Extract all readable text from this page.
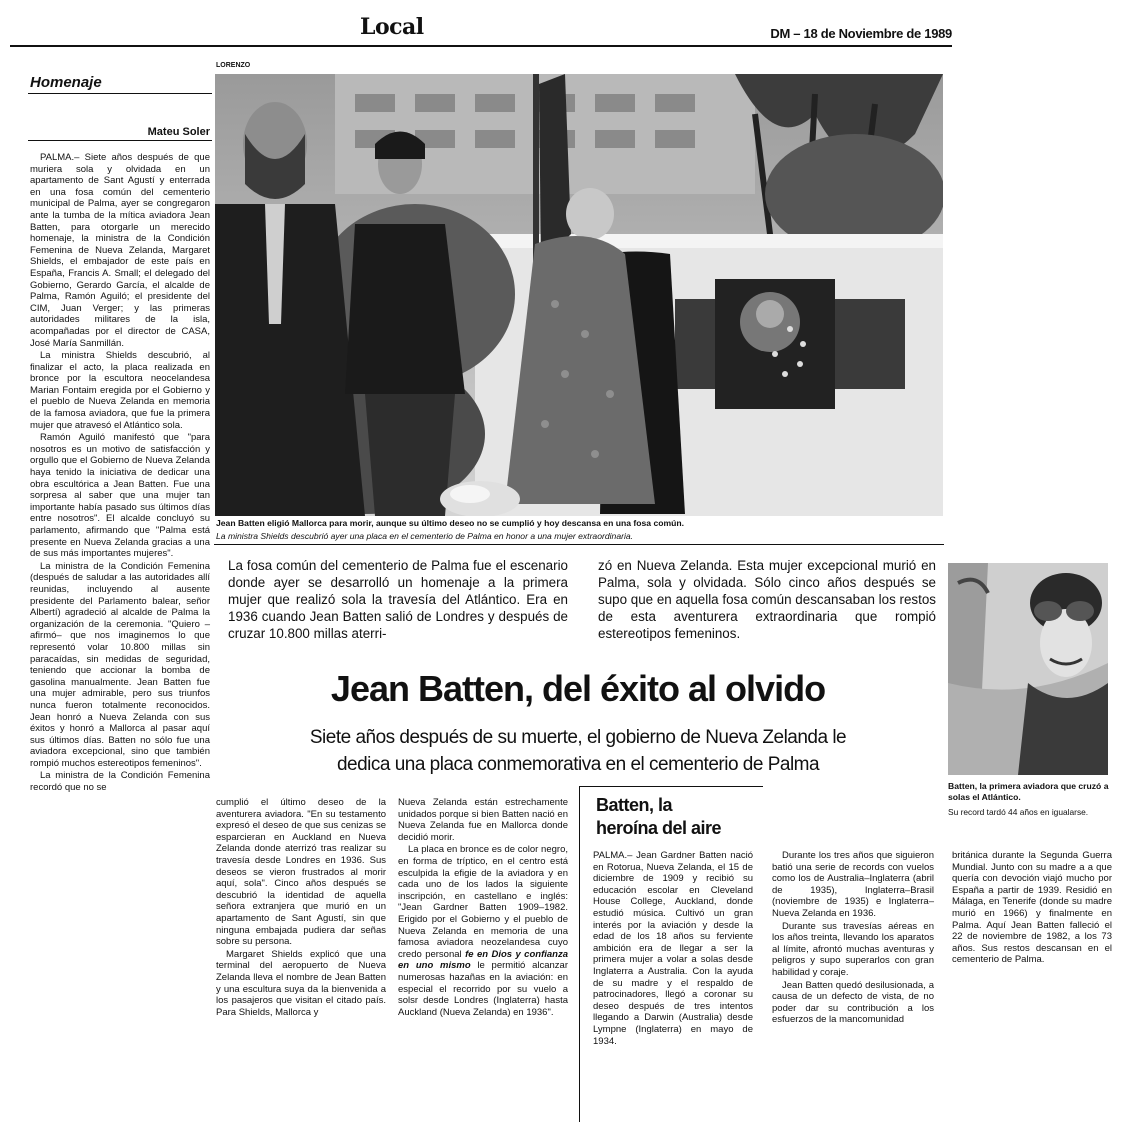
Local	DM – 18 de Noviembre de 1989
Homenaje
Mateu Soler

PALMA.– Siete años después de que muriera sola y olvidada en un apartamento de Sant Agustí y enterrada en una fosa común del cementerio municipal de Palma, ayer se congregaron ante la tumba de la mítica aviadora Jean Batten, para otorgarle un merecido homenaje, la ministra de la Condición Femenina de Nueva Zelanda, Margaret Shields, el embajador de este país en España, Francis A. Small; el delegado del Gobierno, Gerardo García, el alcalde de Palma, Ramón Aguiló; el presidente del CIM, Juan Verger; y las primeras autoridades militares de la isla, acompañadas por el director de CASA, José María Sanmillán.

La ministra Shields descubrió, al finalizar el acto, la placa realizada en bronce por la escultora neocelandesa Marian Fontaim eregida por el Gobierno y el pueblo de Nueva Zelanda en memoria de la famosa aviadora, que fue la primera mujer que atravesó el Atlántico sola.

Ramón Aguiló manifestó que "para nosotros es un motivo de satisfacción y orgullo que el Gobierno de Nueva Zelanda haya tenido la iniciativa de dedicar una obra escultórica a Jean Batten. Fue una sorpresa al saber que una mujer tan importante había pasado sus últimos días entre nosotros". El alcalde concluyó su parlamento, afirmando que "Palma está presente en Nueva Zelanda gracias a una de sus más importantes mujeres".

La ministra de la Condición Femenina (después de saludar a las autoridades allí reunidas, incluyendo al ausente presidente del Parlamento balear, señor Albertí) agradeció al alcalde de Palma la organización de la ceremonia. "Quiero –afirmó– que nos imaginemos lo que representó volar 10.800 millas sin paracaídas, sin medidas de seguridad, teniendo que accionar la bomba de gasolina manualmente. Jean Batten fue una mujer admirable, pero sus triunfos nunca fueron totalmente reconocidos. Jean honró a Nueva Zelanda con sus éxitos y honró a Mallorca al pasar aquí sus últimos días. Batten no sólo fue una aviadora excepcional, sino que también rompió muchos estereotipos femeninos".

La ministra de la Condición Femenina recordó que no se

LORENZO
Jean Batten eligió Mallorca para morir, aunque su último deseo no se cumplió y hoy descansa en una fosa común.
La ministra Shields descubrió ayer una placa en el cementerio de Palma en honor a una mujer extraordinaria.
La fosa común del cementerio de Palma fue el escenario donde ayer se desarrolló un homenaje a la primera mujer que realizó sola la travesía del Atlántico. Era en 1936 cuando Jean Batten salió de Londres y después de cruzar 10.800 millas aterri-
zó en Nueva Zelanda. Esta mujer excepcional murió en Palma, sola y olvidada. Sólo cinco años después se supo que en aquella fosa común descansaban los restos de esta aventurera extraordinaria que rompió estereotipos femeninos.
Jean Batten, del éxito al olvido
Siete años después de su muerte, el gobierno de Nueva Zelanda le
dedica una placa conmemorativa en el cementerio de Palma
Batten, la primera aviadora que cruzó a solas el Atlántico.
Su record tardó 44 años en igualarse.

cumplió el último deseo de la aventurera aviadora. "En su testamento expresó el deseo de que sus cenizas se esparcieran en Auckland en Nueva Zelanda donde aterrizó tras realizar su travesía desde Londres en 1936. Sus deseos se vieron frustrados al morir aquí, sola". Cinco años después se descubrió la identidad de aquella señora extranjera que murió en un apartamento de Sant Agustí, sin que ninguna embajada pudiera dar señas sobre su persona.

Margaret Shields explicó que una terminal del aeropuerto de Nueva Zelanda lleva el nombre de Jean Batten y una escultura suya da la bienvenida a los pasajeros que visitan el citado país. Para Shields, Mallorca y

Nueva Zelanda están estrechamente unidados porque si bien Batten nació en Nueva Zelanda fue en Mallorca donde decidió morir.

La placa en bronce es de color negro, en forma de tríptico, en el centro está esculpida la efigie de la aviadora y en cada uno de los lados la siguiente inscripción, en castellano e inglés: "Jean Gardner Batten 1909–1982. Erigido por el Gobierno y el pueblo de Nueva Zelanda en memoria de una famosa aviadora neozelandesa cuyo credo personal fe en Dios y confianza en uno mismo le permitió alcanzar numerosas hazañas en la aviación: en especial el recorrido por su vuelo a solsr desde Londres (Inglaterra) hasta Auckland (Nueva Zelanda) en 1936".

Batten, la
heroína del aire

PALMA.– Jean Gardner Batten nació en Rotorua, Nueva Zelanda, el 15 de diciembre de 1909 y recibió su educación escolar en Cleveland House College, Auckland, donde estudió música. Cultivó un gran interés por la aviación y desde la edad de los 18 años su ferviente ambición era de llegar a ser la primera mujer a volar a solas desde Inglaterra a Australia. Con la ayuda de su madre y el respaldo de patrocinadores, llegó a coronar su deseo después de tres intentos llegando a Darwin (Australia) desde Lympne (Inglaterra) en mayo de 1934.

Durante los tres años que siguieron batió una serie de records con vuelos como los de Australia–Inglaterra (abril de 1935), Inglaterra–Brasil (noviembre de 1935) e Inglaterra–Nueva Zelanda en 1936.

Durante sus travesías aéreas en los años treinta, llevando los aparatos al límite, afrontó muchas aventuras y peligros y supo superarlos con gran habilidad y coraje.

Jean Batten quedó desilusionada, a causa de un defecto de vista, de no poder dar su contribución a los esfuerzos de la mancomunidad

británica durante la Segunda Guerra Mundial. Junto con su madre a a que quería con devoción viajó mucho por España a partir de 1939. Residió en Málaga, en Tenerife (donde su madre murió en 1966) y finalmente en Palma. Aquí Jean Batten falleció el 22 de noviembre de 1982, a los 73 años. Sus restos descansan en el cementerio de Palma.
